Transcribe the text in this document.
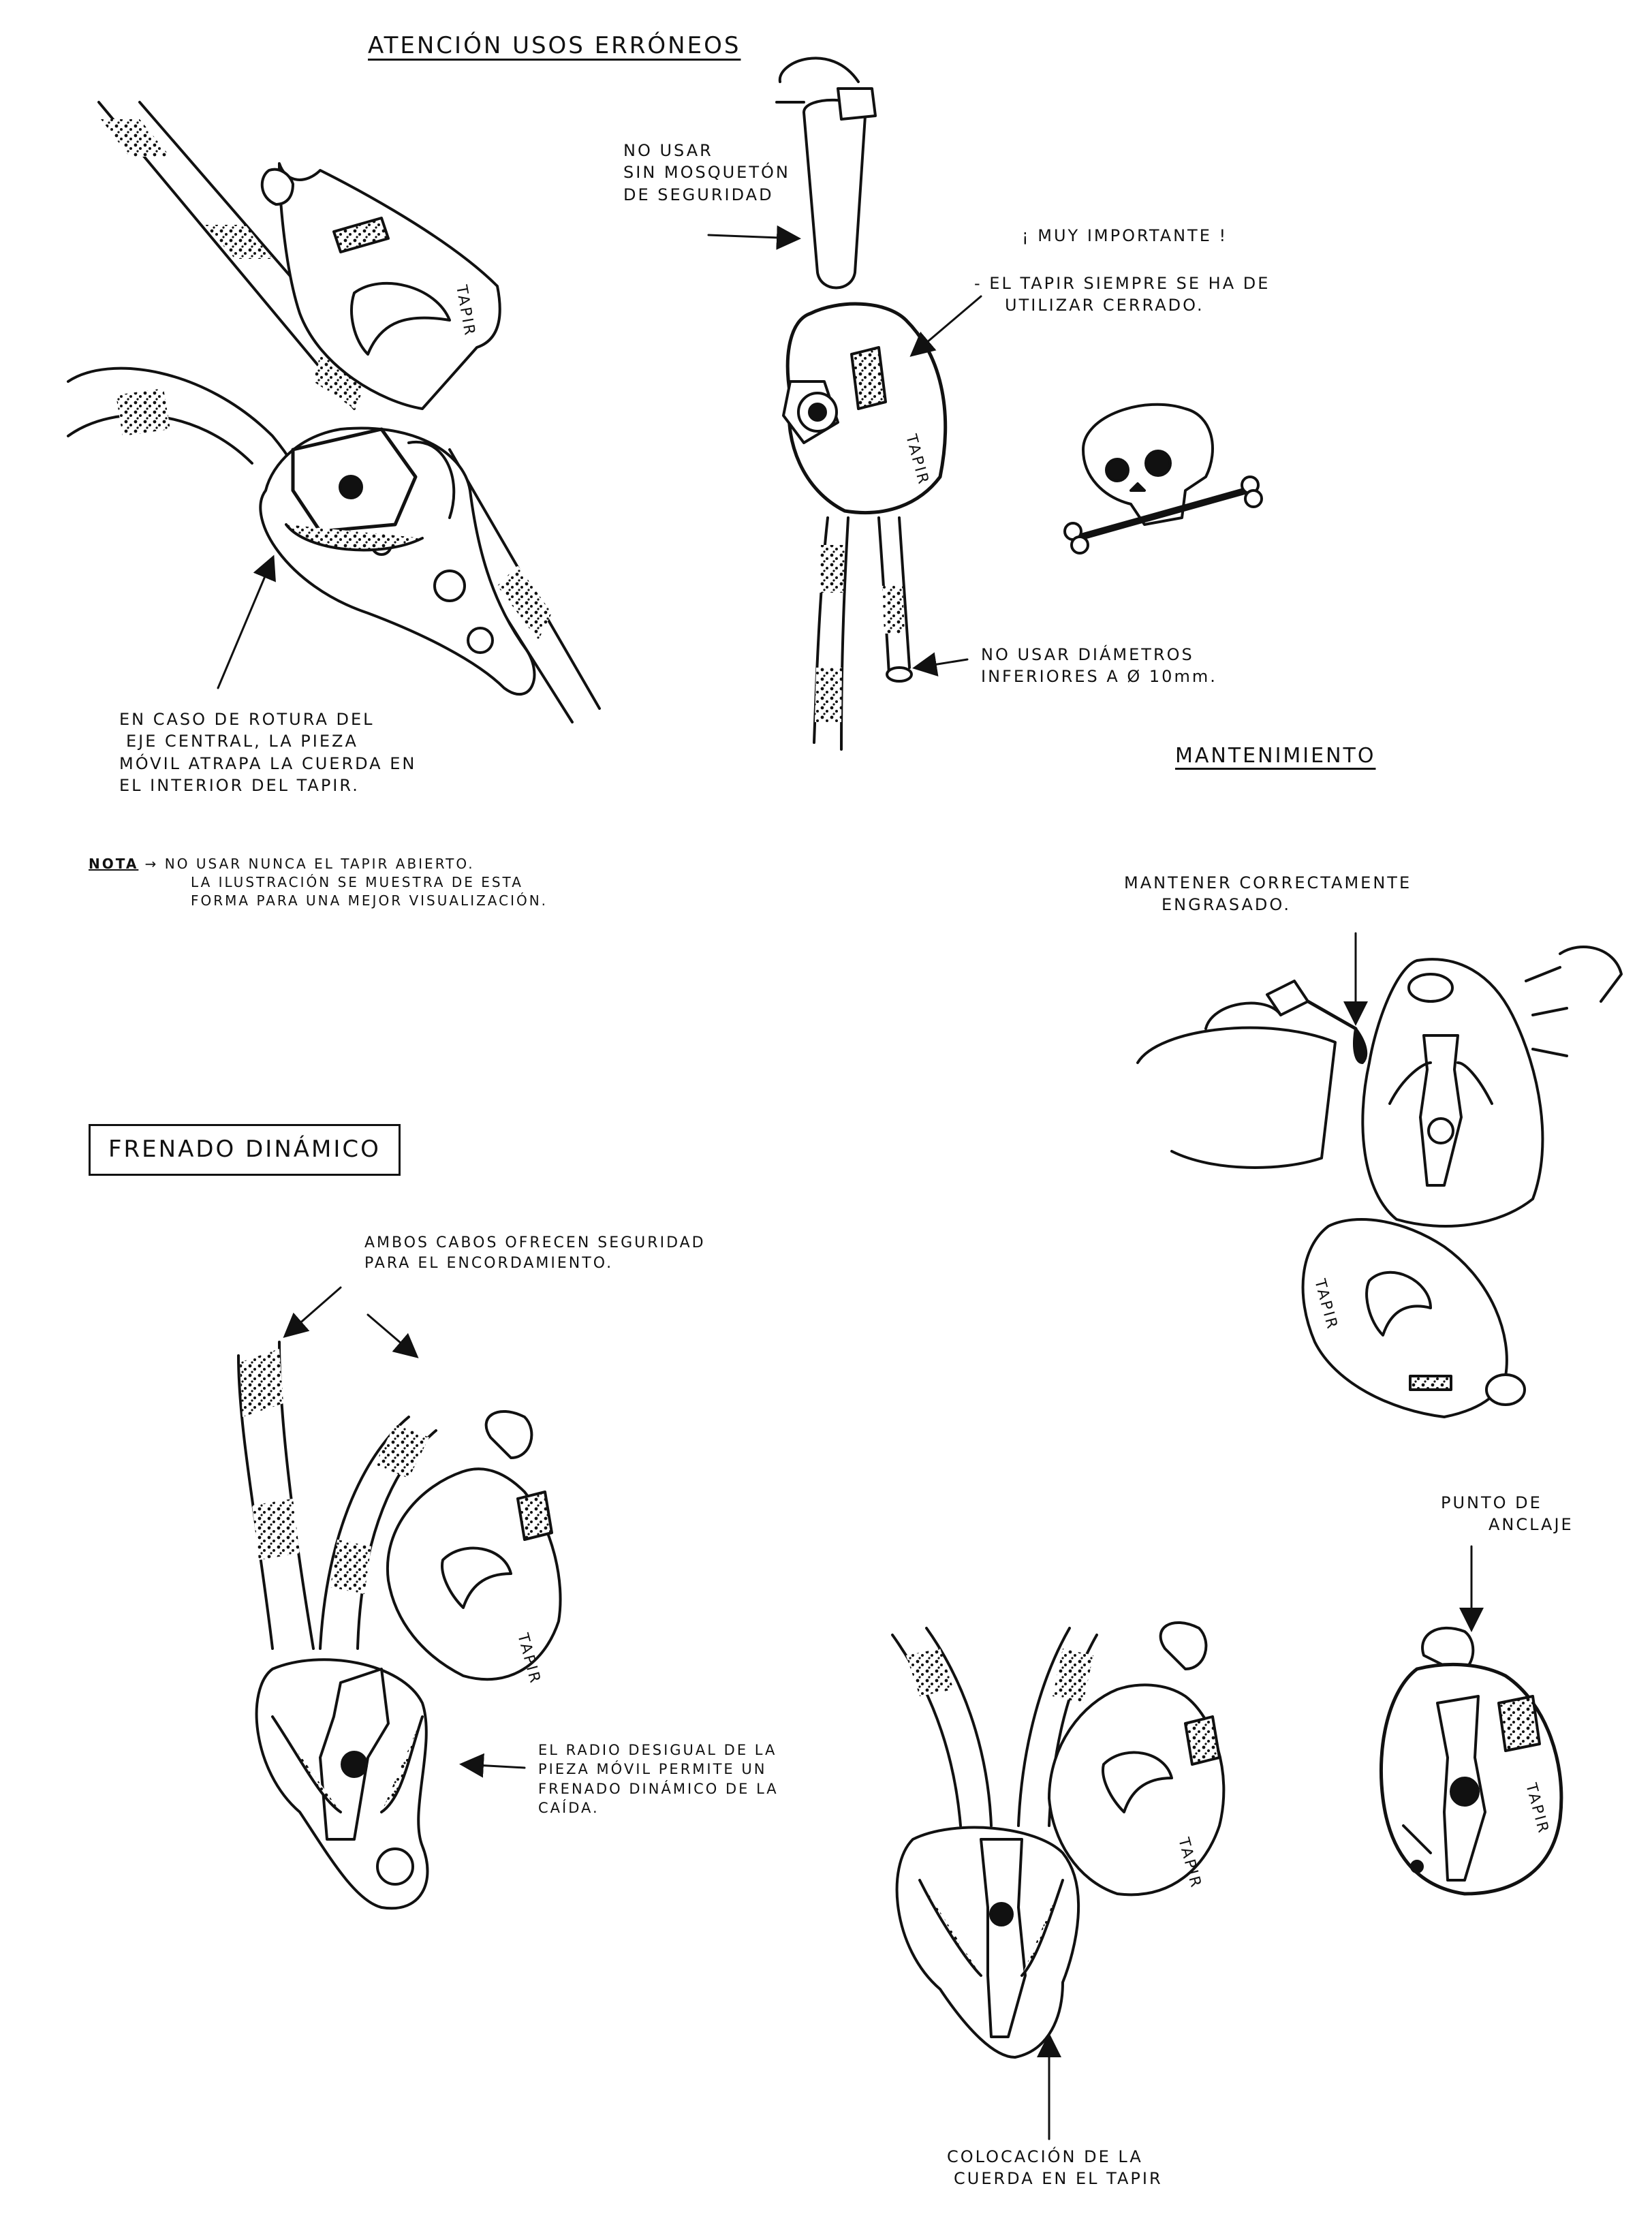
TAPIR
TAPIR
TAPIR
TAPIR
TAPIR
TAPIR
ATENCIÓN USOS ERRÓNEOS
NO USAR
SIN MOSQUETÓN
DE SEGURIDAD
¡ MUY IMPORTANTE !
- EL TAPIR SIEMPRE SE HA DE
UTILIZAR CERRADO.
NO USAR DIÁMETROS
INFERIORES A Ø 10mm.
EN CASO DE ROTURA DEL
EJE CENTRAL, LA PIEZA
MÓVIL ATRAPA LA CUERDA EN
EL INTERIOR DEL TAPIR.
NOTA → NO USAR NUNCA EL TAPIR ABIERTO.
LA ILUSTRACIÓN SE MUESTRA DE ESTA
FORMA PARA UNA MEJOR VISUALIZACIÓN.
MANTENIMIENTO
MANTENER CORRECTAMENTE
ENGRASADO.
FRENADO DINÁMICO
AMBOS CABOS OFRECEN SEGURIDAD
PARA EL ENCORDAMIENTO.
EL RADIO DESIGUAL DE LA
PIEZA MÓVIL PERMITE UN
FRENADO DINÁMICO DE LA
CAÍDA.
PUNTO DE
ANCLAJE
COLOCACIÓN DE LA
CUERDA EN EL TAPIR
